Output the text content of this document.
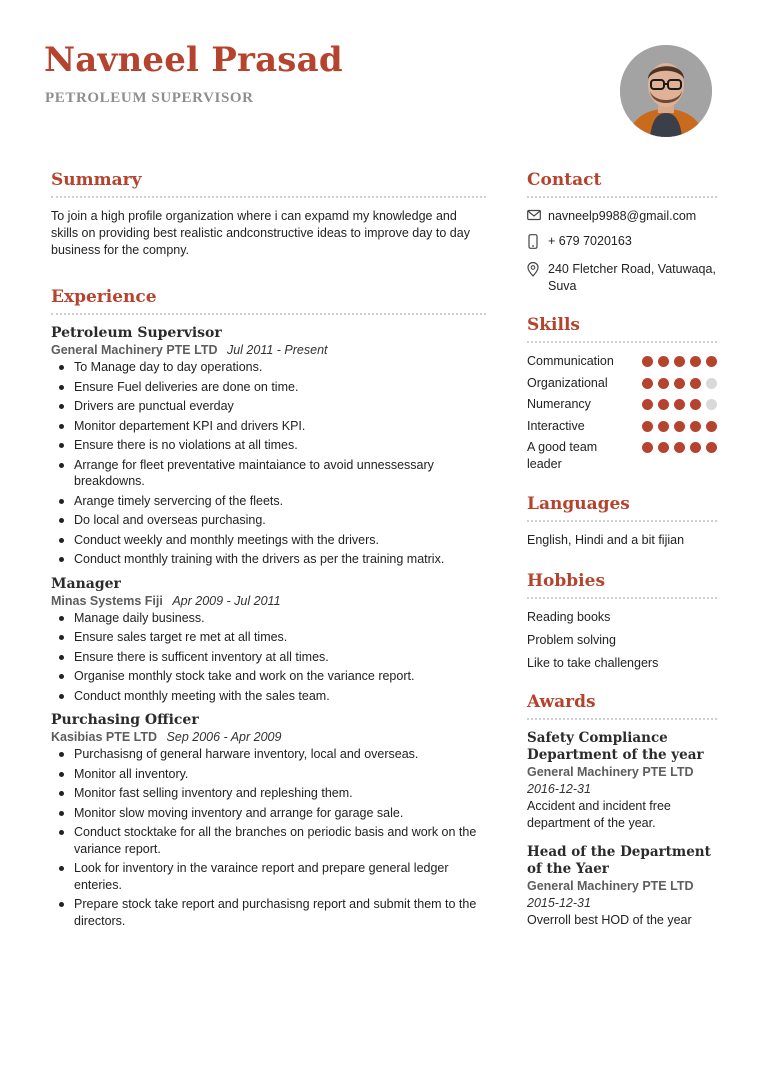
Navneel Prasad
PETROLEUM SUPERVISOR
Summary
To join a high profile organization where i can expamd my knowledge and skills on providing best realistic andconstructive ideas to improve day to day business for the compny.
Experience
Petroleum Supervisor
General Machinery PTE LTD Jul 2011 - Present
To Manage day to day operations.
Ensure Fuel deliveries are done on time.
Drivers are punctual everday
Monitor departement KPI and drivers KPI.
Ensure there is no violations at all times.
Arrange for fleet preventative maintaiance to avoid unnessessary breakdowns.
Arange timely servercing of the fleets.
Do local and overseas purchasing.
Conduct weekly and monthly meetings with the drivers.
Conduct monthly training with the drivers as per the training matrix.
Manager
Minas Systems Fiji Apr 2009 - Jul 2011
Manage daily business.
Ensure sales target re met at all times.
Ensure there is sufficent inventory at all times.
Organise monthly stock take and work on the variance report.
Conduct monthly meeting with the sales team.
Purchasing Officer
Kasibias PTE LTD Sep 2006 - Apr 2009
Purchasisng of general harware inventory, local and overseas.
Monitor all inventory.
Monitor fast selling inventory and repleshing them.
Monitor slow moving inventory and arrange for garage sale.
Conduct stocktake for all the branches on periodic basis and work on the variance report.
Look for inventory in the varaince report and prepare general ledger enteries.
Prepare stock take report and purchasisng report and submit them to the directors.
Contact
navneelp9988@gmail.com
+ 679 7020163
240 Fletcher Road, Vatuwaqa, Suva
Skills
Communication
Organizational
Numerancy
Interactive
A good team leader
Languages
English, Hindi and a bit fijian
Hobbies
Reading books
Problem solving
Like to take challengers
Awards
Safety Compliance Department of the year
General Machinery PTE LTD
2016-12-31
Accident and incident free department of the year.
Head of the Department of the Yaer
General Machinery PTE LTD
2015-12-31
Overroll best HOD of the year
